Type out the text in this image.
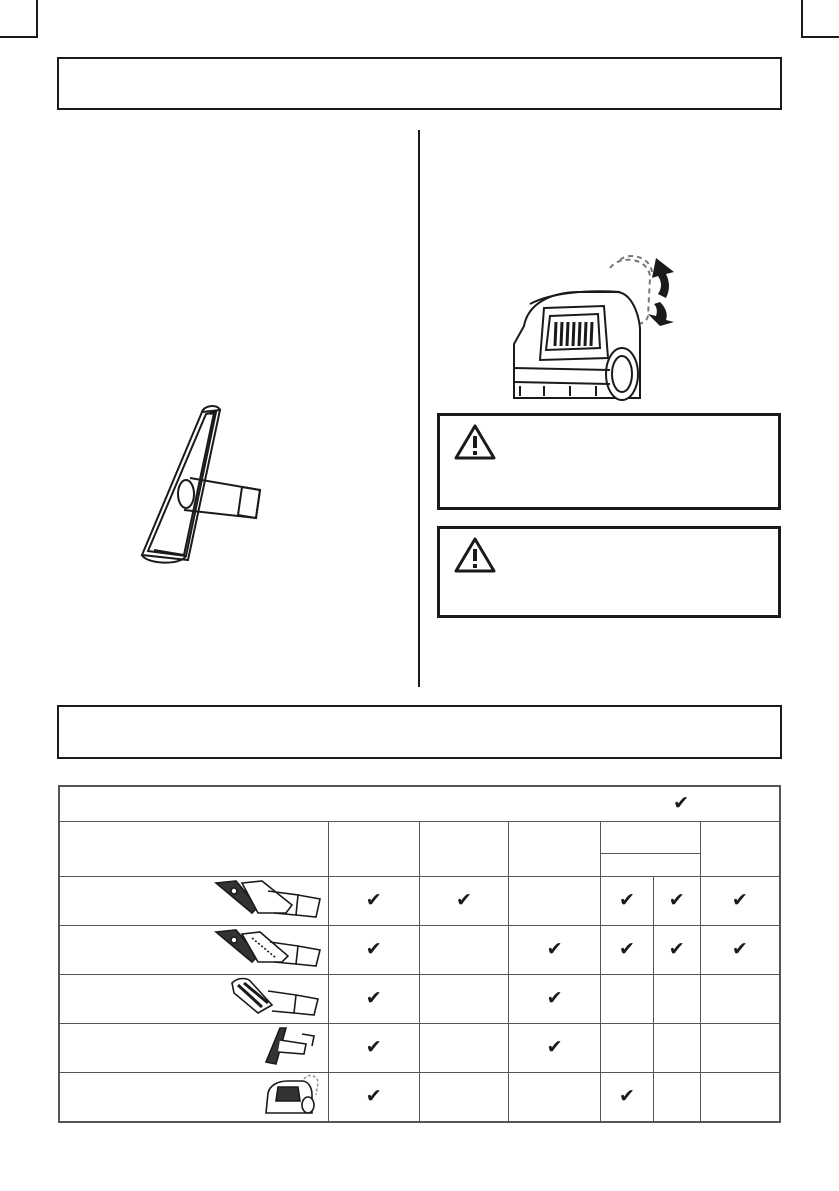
✔						

	✔	✔		✔	✔	✔
	✔		✔	✔	✔	✔
	✔		✔			
	✔		✔			
	✔			✔		
